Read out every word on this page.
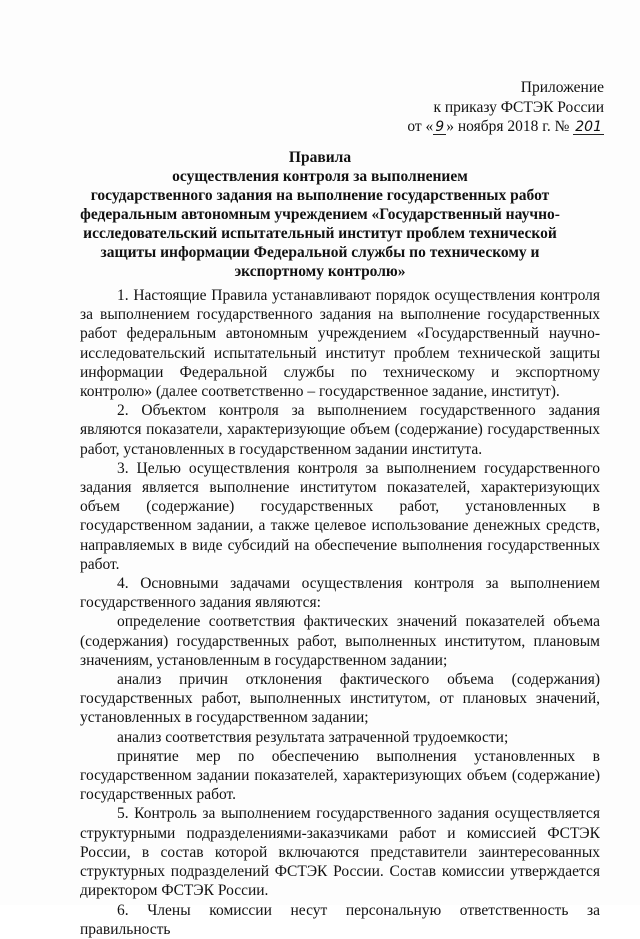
Приложение
к приказу ФСТЭК России
от « 9 » ноября 2018 г. № 201
Правила
осуществления контроля за выполнением
государственного задания на выполнение государственных работ
федеральным автономным учреждением «Государственный научно-
исследовательский испытательный институт проблем технической
защиты информации Федеральной службы по техническому и
экспортному контролю»

1. Настоящие Правила устанавливают порядок осуществления контроля за выполнением государственного задания на выполнение государственных работ федеральным автономным учреждением «Государственный научно-исследовательский испытательный институт проблем технической защиты информации Федеральной службы по техническому и экспортному контролю» (далее соответственно – государственное задание, институт).

2. Объектом контроля за выполнением государственного задания являются показатели, характеризующие объем (содержание) государственных работ, установленных в государственном задании института.

3. Целью осуществления контроля за выполнением государственного задания является выполнение институтом показателей, характеризующих объем (содержание) государственных работ, установленных в государственном задании, а также целевое использование денежных средств, направляемых в виде субсидий на обеспечение выполнения государственных работ.

4. Основными задачами осуществления контроля за выполнением государственного задания являются:

определение соответствия фактических значений показателей объема (содержания) государственных работ, выполненных институтом, плановым значениям, установленным в государственном задании;

анализ причин отклонения фактического объема (содержания) государственных работ, выполненных институтом, от плановых значений, установленных в государственном задании;

анализ соответствия результата затраченной трудоемкости;

принятие мер по обеспечению выполнения установленных в государственном задании показателей, характеризующих объем (содержание) государственных работ.

5. Контроль за выполнением государственного задания осуществляется структурными подразделениями-заказчиками работ и комиссией ФСТЭК России, в состав которой включаются представители заинтересованных структурных подразделений ФСТЭК России. Состав комиссии утверждается директором ФСТЭК России.

6. Члены комиссии несут персональную ответственность за правильность
